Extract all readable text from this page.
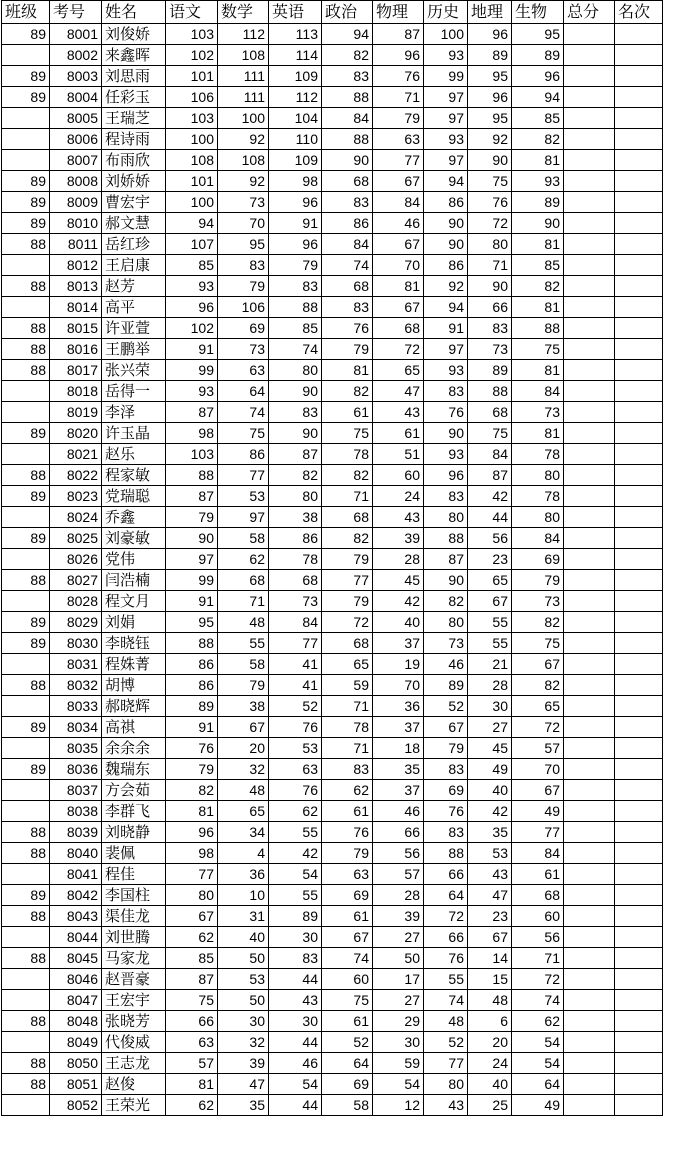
班级	考号	姓名	语文	数学	英语	政治	物理	历史	地理	生物	总分	名次
89	8001	刘俊娇	103	112	113	94	87	100	96	95		
	8002	来鑫晖	102	108	114	82	96	93	89	89		
89	8003	刘思雨	101	111	109	83	76	99	95	96		
89	8004	任彩玉	106	111	112	88	71	97	96	94		
	8005	王瑞芝	103	100	104	84	79	97	95	85		
	8006	程诗雨	100	92	110	88	63	93	92	82		
	8007	布雨欣	108	108	109	90	77	97	90	81		
89	8008	刘娇娇	101	92	98	68	67	94	75	93		
89	8009	曹宏宇	100	73	96	83	84	86	76	89		
89	8010	郝文慧	94	70	91	86	46	90	72	90		
88	8011	岳红珍	107	95	96	84	67	90	80	81		
	8012	王启康	85	83	79	74	70	86	71	85		
88	8013	赵芳	93	79	83	68	81	92	90	82		
	8014	高平	96	106	88	83	67	94	66	81		
88	8015	许亚萱	102	69	85	76	68	91	83	88		
88	8016	王鹏举	91	73	74	79	72	97	73	75		
88	8017	张兴荣	99	63	80	81	65	93	89	81		
	8018	岳得一	93	64	90	82	47	83	88	84		
	8019	李泽	87	74	83	61	43	76	68	73		
89	8020	许玉晶	98	75	90	75	61	90	75	81		
	8021	赵乐	103	86	87	78	51	93	84	78		
88	8022	程家敏	88	77	82	82	60	96	87	80		
89	8023	党瑞聪	87	53	80	71	24	83	42	78		
	8024	乔鑫	79	97	38	68	43	80	44	80		
89	8025	刘豪敏	90	58	86	82	39	88	56	84		
	8026	党伟	97	62	78	79	28	87	23	69		
88	8027	闫浩楠	99	68	68	77	45	90	65	79		
	8028	程文月	91	71	73	79	42	82	67	73		
89	8029	刘娟	95	48	84	72	40	80	55	82		
89	8030	李晓钰	88	55	77	68	37	73	55	75		
	8031	程姝菁	86	58	41	65	19	46	21	67		
88	8032	胡博	86	79	41	59	70	89	28	82		
	8033	郝晓辉	89	38	52	71	36	52	30	65		
89	8034	高祺	91	67	76	78	37	67	27	72		
	8035	余余余	76	20	53	71	18	79	45	57		
89	8036	魏瑞东	79	32	63	83	35	83	49	70		
	8037	方会茹	82	48	76	62	37	69	40	67		
	8038	李群飞	81	65	62	61	46	76	42	49		
88	8039	刘晓静	96	34	55	76	66	83	35	77		
88	8040	裴佩	98	4	42	79	56	88	53	84		
	8041	程佳	77	36	54	63	57	66	43	61		
89	8042	李国柱	80	10	55	69	28	64	47	68		
88	8043	渠佳龙	67	31	89	61	39	72	23	60		
	8044	刘世腾	62	40	30	67	27	66	67	56		
88	8045	马家龙	85	50	83	74	50	76	14	71		
	8046	赵晋豪	87	53	44	60	17	55	15	72		
	8047	王宏宇	75	50	43	75	27	74	48	74		
88	8048	张晓芳	66	30	30	61	29	48	6	62		
	8049	代俊威	63	32	44	52	30	52	20	54		
88	8050	王志龙	57	39	46	64	59	77	24	54		
88	8051	赵俊	81	47	54	69	54	80	40	64		
	8052	王荣光	62	35	44	58	12	43	25	49		
